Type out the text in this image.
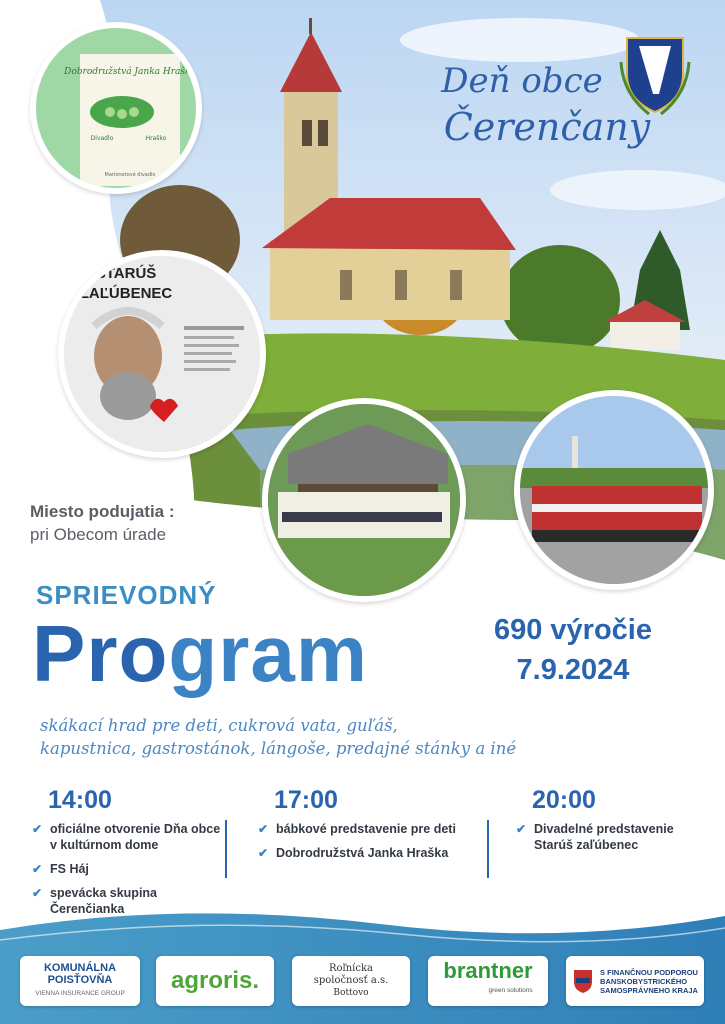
Deň obce
Čerenčany
Dobrodružstvá Janka Hraška
Divadlo	Hraško
Marionetové divadlo
STARÚŠ
ZAĽÚBENEC
Miesto podujatia :
pri Obecom úrade
SPRIEVODNÝ
Program	690 výročie
7.9.2024
skákací hrad pre deti, cukrová vata, guľáš,
kapustnica, gastrostánok, lángoše, predajné stánky a iné
14:00
✔ oficiálne otvorenie Dňa obce v kultúrnom dome
✔ FS Háj
✔ spevácka skupina Čerenčianka
17:00
✔ bábkové predstavenie pre deti
✔ Dobrodružstvá Janka Hraška
20:00
✔ Divadelné predstavenie Starúš zaľúbenec
KOMUNÁLNA
POISŤOVŇA
VIENNA INSURANCE GROUP agroris.	Roľnícka
spoločnosť a.s.
Bottovo
brantner
green solutions
S FINANČNOU PODPOROU
BANSKOBYSTRICKÉHO
SAMOSPRÁVNEHO KRAJA
